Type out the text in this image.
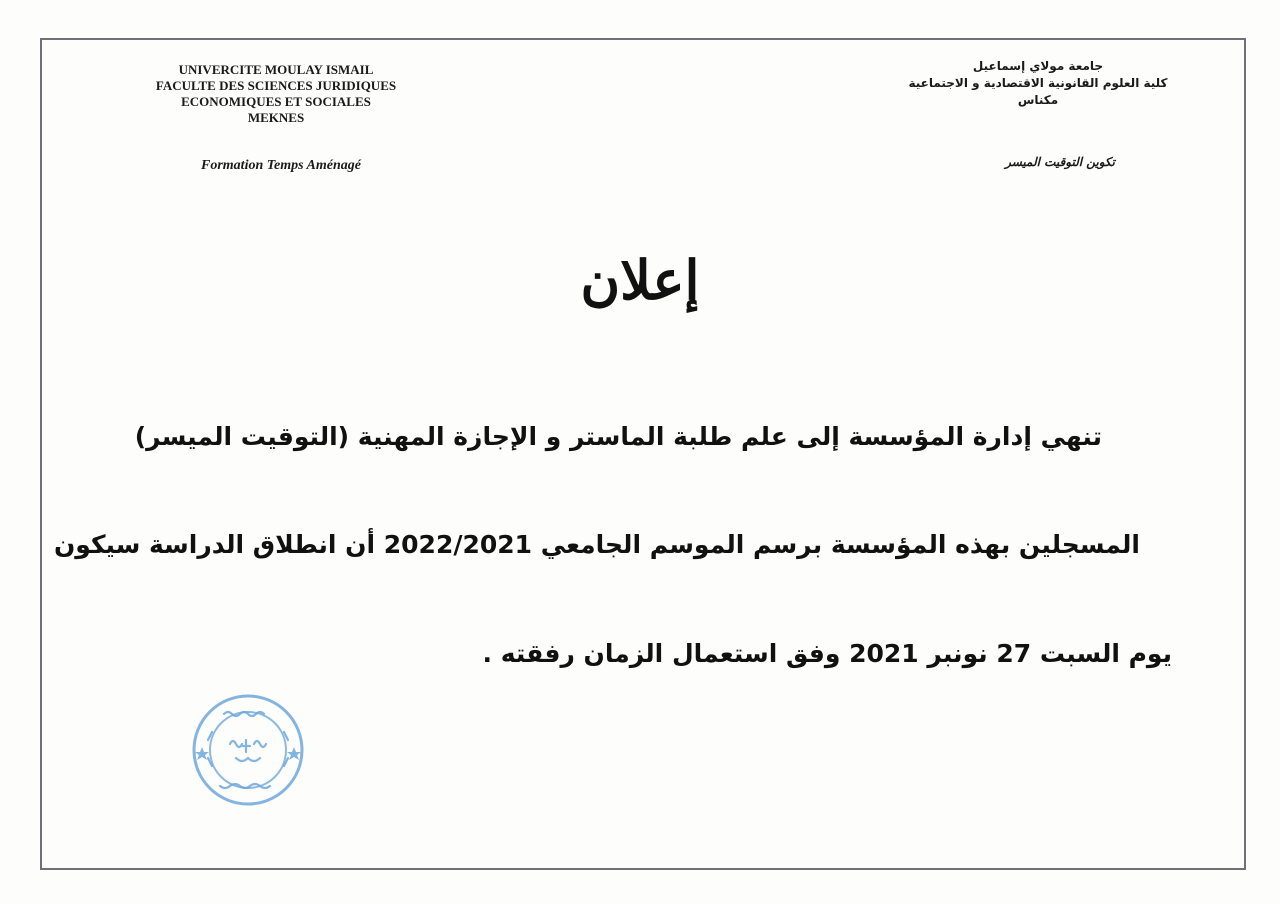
UNIVERCITE MOULAY ISMAIL
FACULTE DES SCIENCES JURIDIQUES
ECONOMIQUES ET SOCIALES
MEKNES
Formation Temps Aménagé
جامعة مولاي إسماعيل
كلية العلوم القانونية الاقتصادية و الاجتماعية
مكناس
تكوين التوقيت الميسر
إعلان
تنهي إدارة المؤسسة إلى علم طلبة الماستر و الإجازة المهنية (التوقيت الميسر)
المسجلين بهذه المؤسسة برسم الموسم الجامعي 2022/2021 أن انطلاق الدراسة سيكون
يوم السبت 27 نونبر 2021 وفق استعمال الزمان رفقته .
